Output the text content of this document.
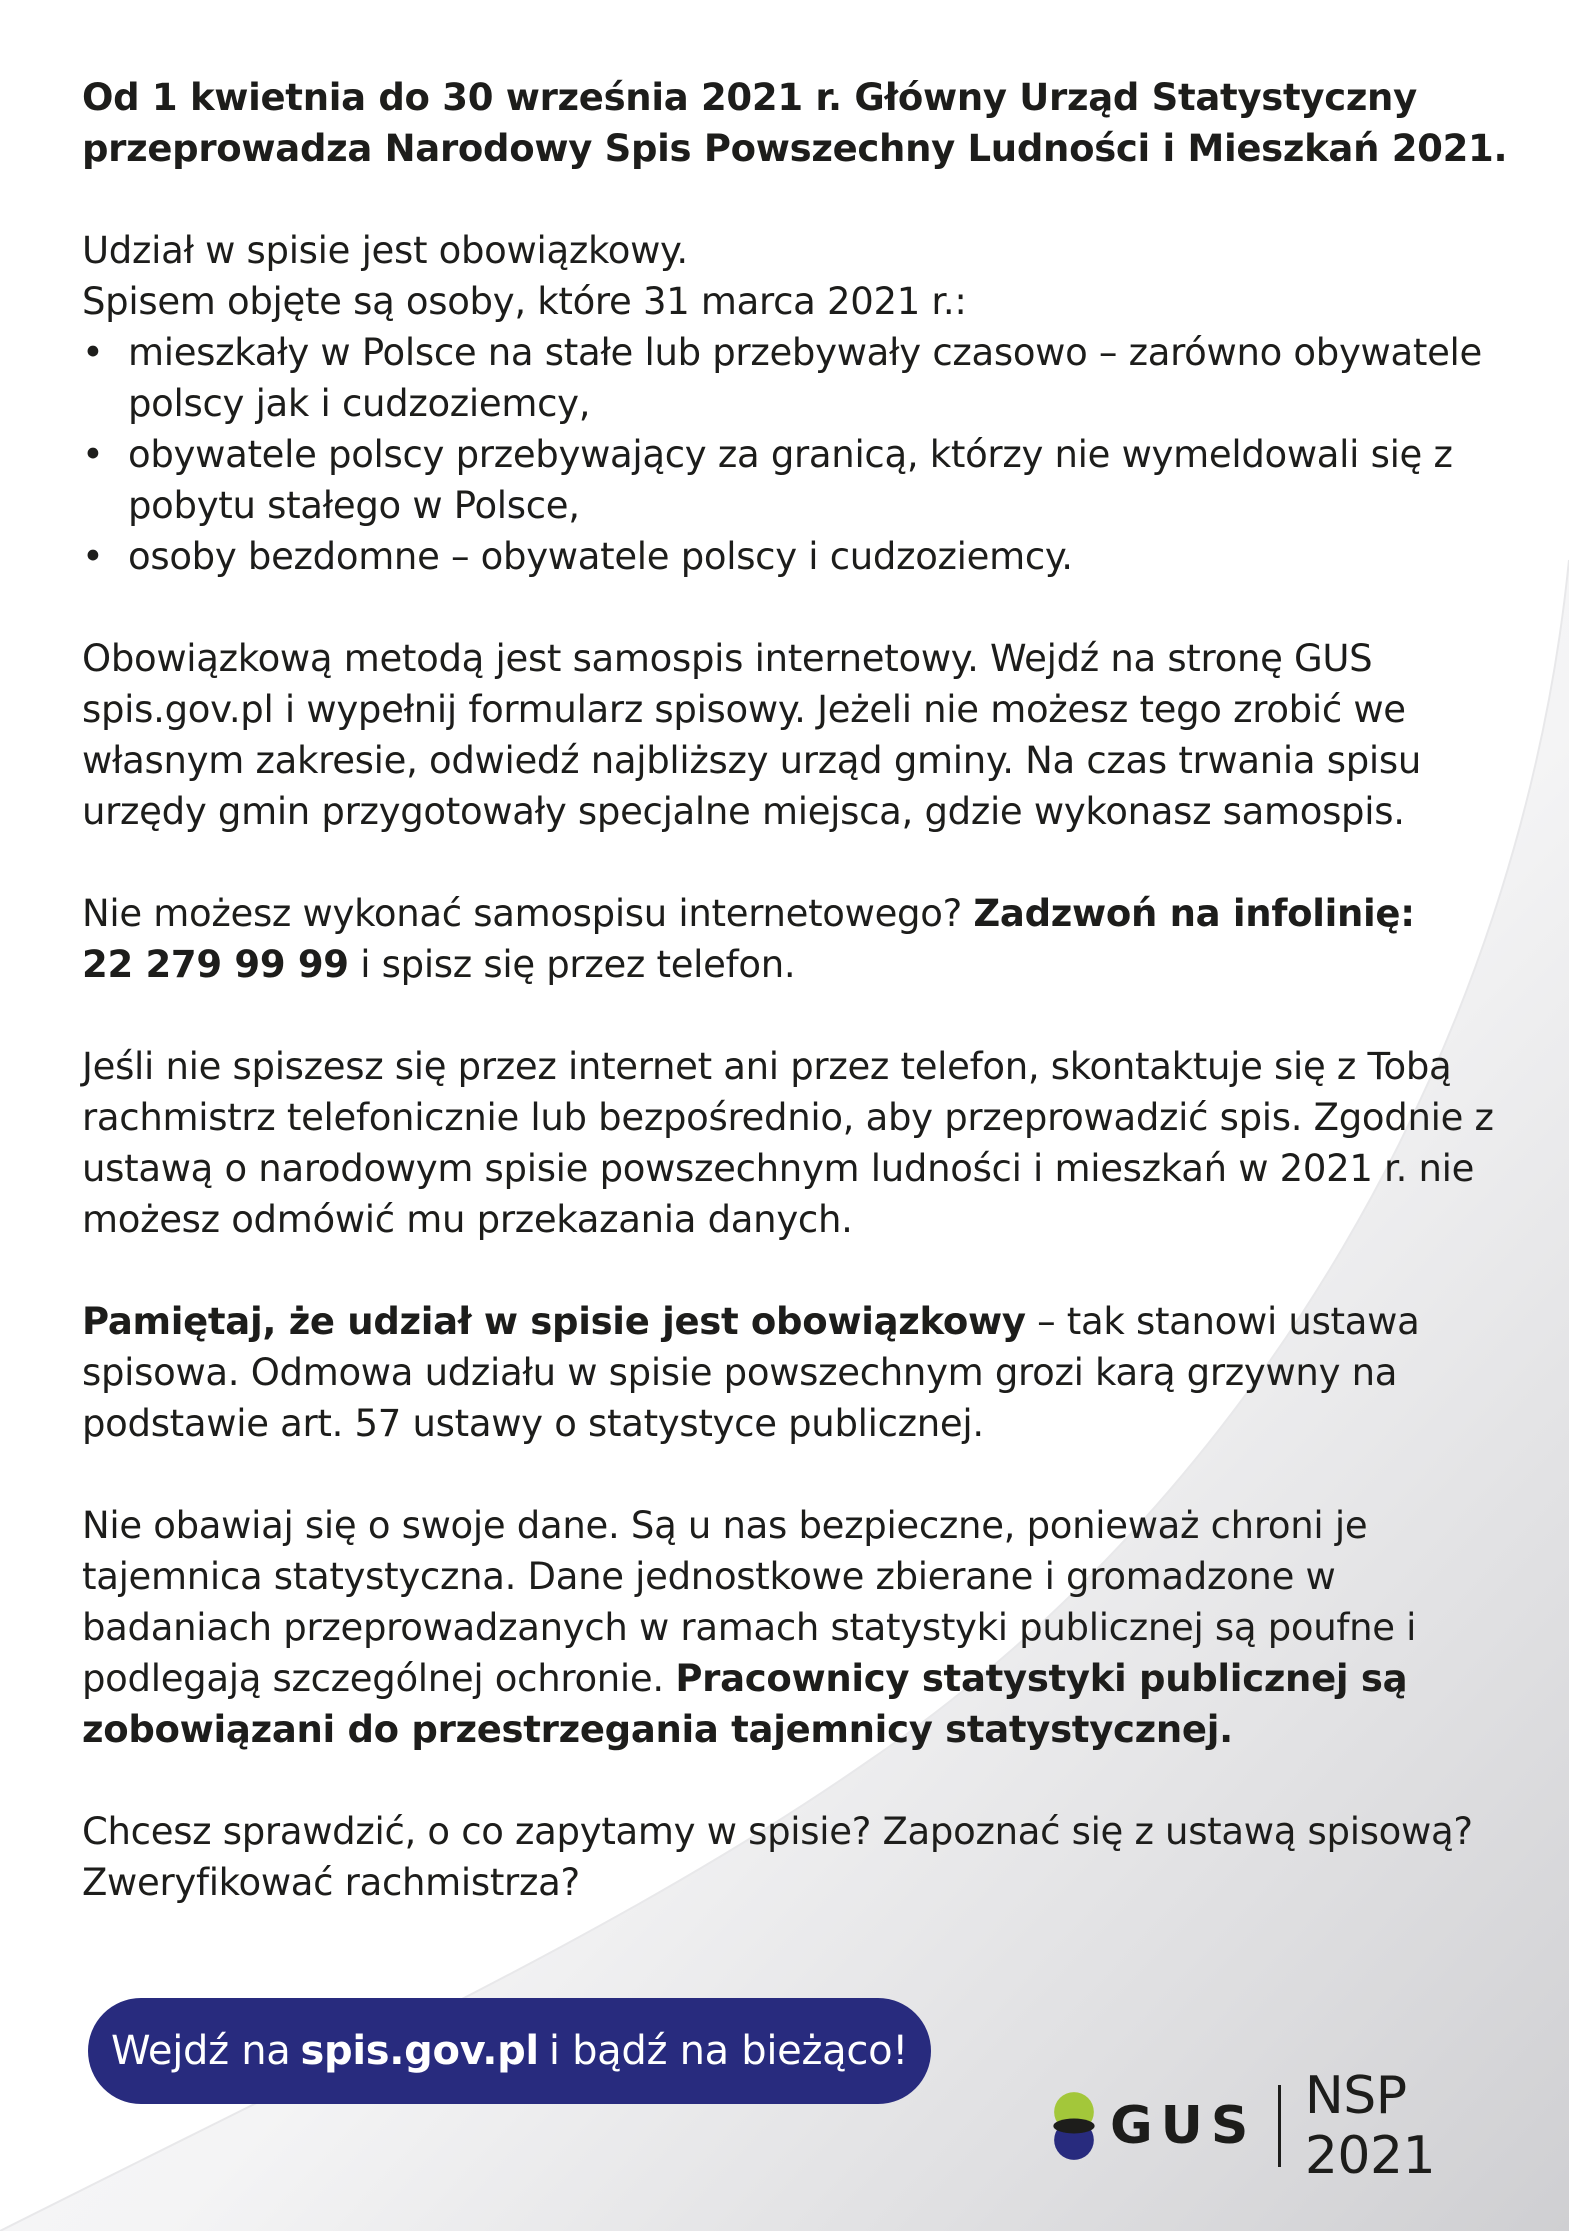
Od 1 kwietnia do 30 września 2021 r. Główny Urząd Statystyczny przeprowadza Narodowy Spis Powszechny Ludności i Mieszkań 2021.

Udział w spisie jest obowiązkowy.
Spisem objęte są osoby, które 31 marca 2021 r.:
• mieszkały w Polsce na stałe lub przebywały czasowo – zarówno obywatele polscy jak i cudzoziemcy,
• obywatele polscy przebywający za granicą, którzy nie wymeldowali się z pobytu stałego w Polsce,
• osoby bezdomne – obywatele polscy i cudzoziemcy.

Obowiązkową metodą jest samospis internetowy. Wejdź na stronę GUS spis.gov.pl i wypełnij formularz spisowy. Jeżeli nie możesz tego zrobić we własnym zakresie, odwiedź najbliższy urząd gminy. Na czas trwania spisu urzędy gmin przygotowały specjalne miejsca, gdzie wykonasz samospis.

Nie możesz wykonać samospisu internetowego? Zadzwoń na infolinię:
22 279 99 99 i spisz się przez telefon.

Jeśli nie spiszesz się przez internet ani przez telefon, skontaktuje się z Tobą rachmistrz telefonicznie lub bezpośrednio, aby przeprowadzić spis. Zgodnie z ustawą o narodowym spisie powszechnym ludności i mieszkań w 2021 r. nie możesz odmówić mu przekazania danych.

Pamiętaj, że udział w spisie jest obowiązkowy – tak stanowi ustawa spisowa. Odmowa udziału w spisie powszechnym grozi karą grzywny na podstawie art. 57 ustawy o statystyce publicznej.

Nie obawiaj się o swoje dane. Są u nas bezpieczne, ponieważ chroni je tajemnica statystyczna. Dane jednostkowe zbierane i gromadzone w badaniach przeprowadzanych w ramach statystyki publicznej są poufne i podlegają szczególnej ochronie. Pracownicy statystyki publicznej są zobowiązani do przestrzegania tajemnicy statystycznej.

Chcesz sprawdzić, o co zapytamy w spisie? Zapoznać się z ustawą spisową? Zweryfikować rachmistrza?

Wejdź na spis.gov.pl i bądź na bieżąco!
GUS NSP 2021
